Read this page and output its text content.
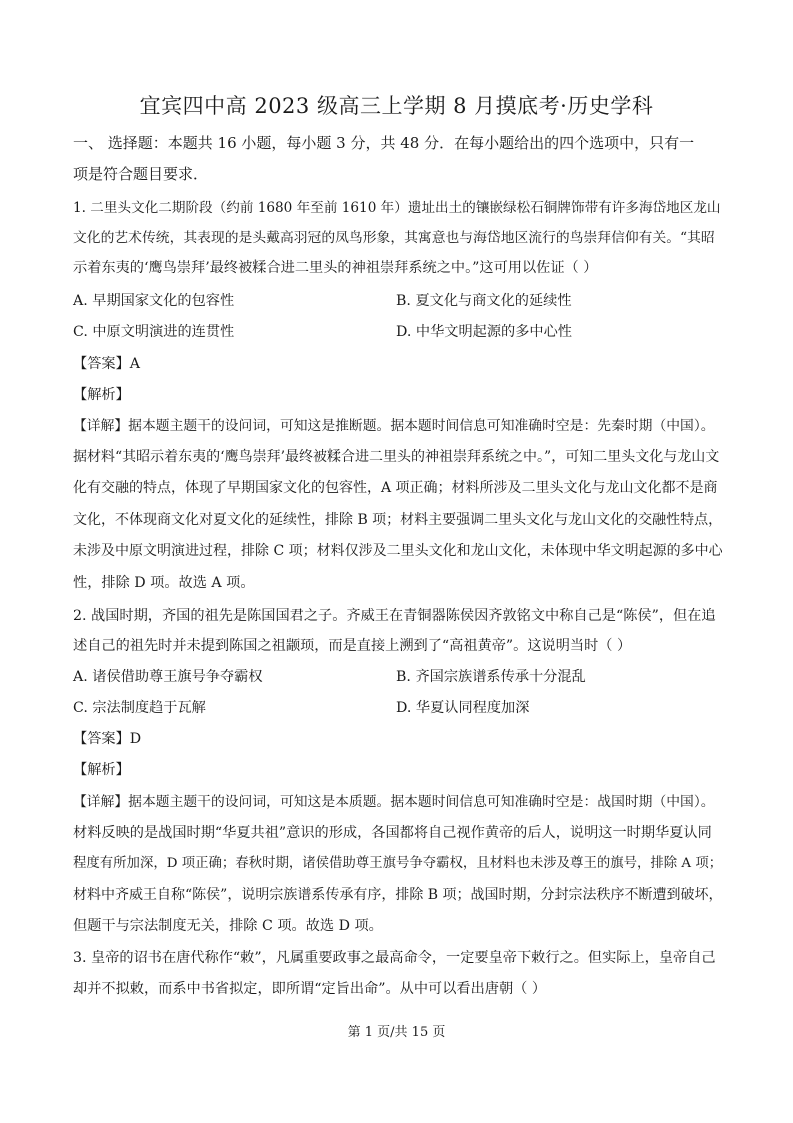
宜宾四中高 2023 级高三上学期 8 月摸底考·历史学科
一、 选择题：本题共 16 小题，每小题 3 分，共 48 分．在每小题给出的四个选项中，只有一
项是符合题目要求．
1. 二里头文化二期阶段（约前 1680 年至前 1610 年）遗址出土的镶嵌绿松石铜牌饰带有许多海岱地区龙山
文化的艺术传统，其表现的是头戴高羽冠的凤鸟形象，其寓意也与海岱地区流行的鸟崇拜信仰有关。“其昭
示着东夷的‘鹰鸟崇拜’最终被糅合进二里头的神祖崇拜系统之中。”这可用以佐证（ ）
A. 早期国家文化的包容性	B. 夏文化与商文化的延续性
C. 中原文明演进的连贯性	D. 中华文明起源的多中心性
【答案】A
【解析】
【详解】据本题主题干的设问词，可知这是推断题。据本题时间信息可知准确时空是：先秦时期（中国）。
据材料“其昭示着东夷的‘鹰鸟崇拜’最终被糅合进二里头的神祖崇拜系统之中。”，可知二里头文化与龙山文
化有交融的特点，体现了早期国家文化的包容性，A 项正确；材料所涉及二里头文化与龙山文化都不是商
文化，不体现商文化对夏文化的延续性，排除 B 项；材料主要强调二里头文化与龙山文化的交融性特点，
未涉及中原文明演进过程，排除 C 项；材料仅涉及二里头文化和龙山文化，未体现中华文明起源的多中心
性，排除 D 项。故选 A 项。
2. 战国时期，齐国的祖先是陈国国君之子。齐威王在青铜器陈侯因齐敦铭文中称自己是“陈侯”，但在追
述自己的祖先时并未提到陈国之祖颛顼，而是直接上溯到了“高祖黄帝”。这说明当时（ ）
A. 诸侯借助尊王旗号争夺霸权	B. 齐国宗族谱系传承十分混乱
C. 宗法制度趋于瓦解	D. 华夏认同程度加深
【答案】D
【解析】
【详解】据本题主题干的设问词，可知这是本质题。据本题时间信息可知准确时空是：战国时期（中国）。
材料反映的是战国时期“华夏共祖”意识的形成，各国都将自己视作黄帝的后人，说明这一时期华夏认同
程度有所加深，D 项正确；春秋时期，诸侯借助尊王旗号争夺霸权，且材料也未涉及尊王的旗号，排除 A 项；
材料中齐威王自称“陈侯”，说明宗族谱系传承有序，排除 B 项；战国时期，分封宗法秩序不断遭到破坏，
但题干与宗法制度无关，排除 C 项。故选 D 项。
3. 皇帝的诏书在唐代称作“敕”，凡属重要政事之最高命令，一定要皇帝下敕行之。但实际上，皇帝自己
却并不拟敕，而系中书省拟定，即所谓“定旨出命”。从中可以看出唐朝（ ）
第 1 页/共 15 页
